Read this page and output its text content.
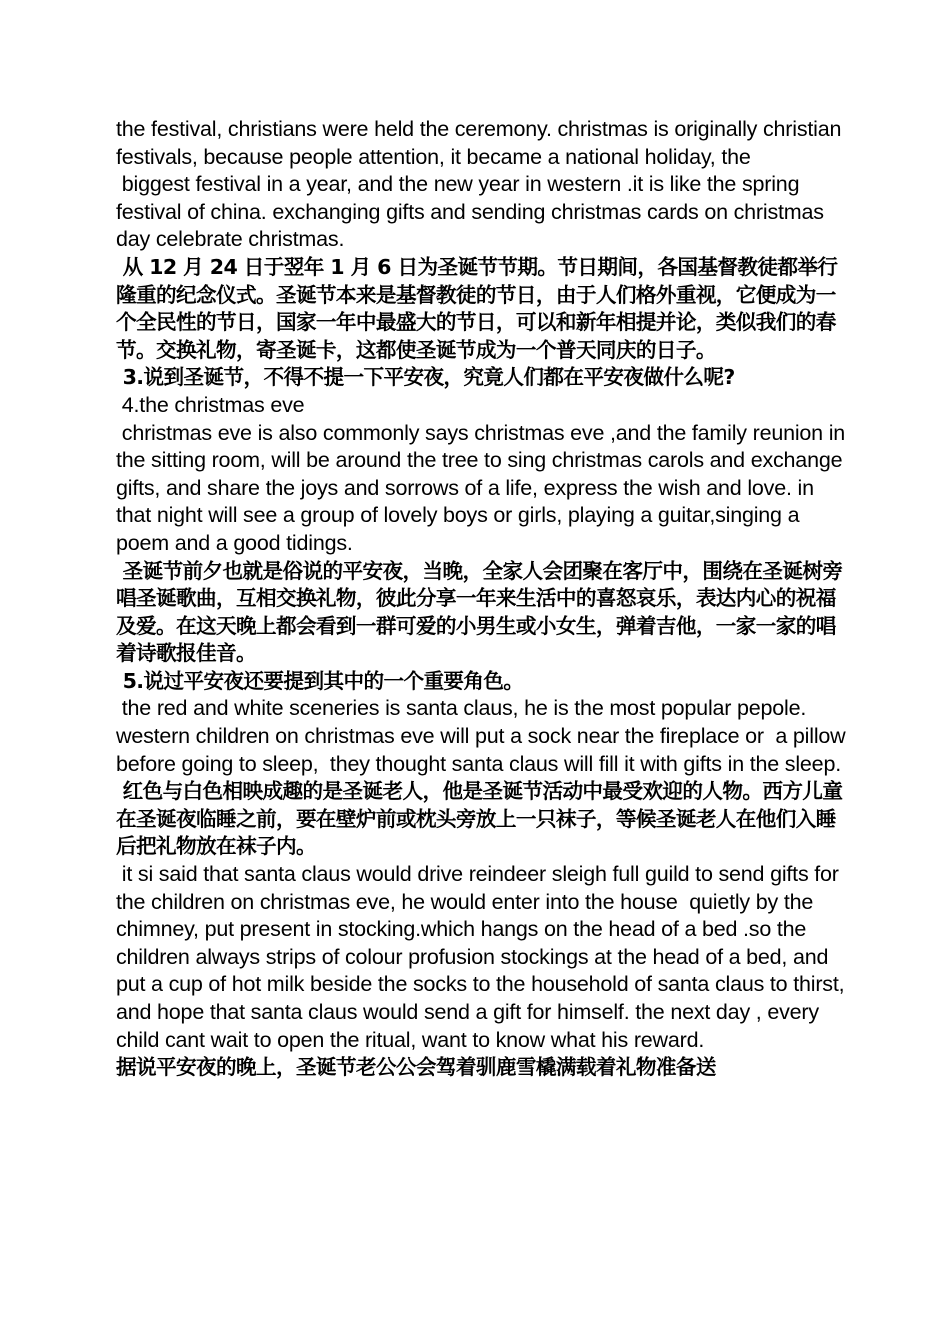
the festival, christians were held the ceremony. christmas is originally christian festivals, because people attention, it became a national holiday, the

biggest festival in a year, and the new year in western .it is like the spring festival of china. exchanging gifts and sending christmas cards on christmas day celebrate christmas.

从 12 月 24 日于翌年 1 月 6 日为圣诞节节期。节日期间，各国基督教徒都举行隆重的纪念仪式。圣诞节本来是基督教徒的节日，由于人们格外重视，它便成为一个全民性的节日，国家一年中最盛大的节日，可以和新年相提并论，类似我们的春节。交换礼物，寄圣诞卡，这都使圣诞节成为一个普天同庆的日子。

3.说到圣诞节，不得不提一下平安夜，究竟人们都在平安夜做什么呢?

4.the christmas eve

christmas eve is also commonly says christmas eve ,and the family reunion in the sitting room, will be around the tree to sing christmas carols and exchange gifts, and share the joys and sorrows of a life, express the wish and love. in that night will see a group of lovely boys or girls, playing a guitar,singing a poem and a good tidings.

圣诞节前夕也就是俗说的平安夜，当晚，全家人会团聚在客厅中，围绕在圣诞树旁唱圣诞歌曲，互相交换礼物，彼此分享一年来生活中的喜怒哀乐，表达内心的祝福及爱。在这天晚上都会看到一群可爱的小男生或小女生，弹着吉他，一家一家的唱着诗歌报佳音。

5.说过平安夜还要提到其中的一个重要角色。

the red and white sceneries is santa claus, he is the most popular pepole. western children on christmas eve will put a sock near the fireplace or  a pillow before going to sleep,  they thought santa claus will fill it with gifts in the sleep.

红色与白色相映成趣的是圣诞老人，他是圣诞节活动中最受欢迎的人物。西方儿童在圣诞夜临睡之前，要在壁炉前或枕头旁放上一只袜子，等候圣诞老人在他们入睡后把礼物放在袜子内。

it si said that santa claus would drive reindeer sleigh full guild to send gifts for the children on christmas eve, he would enter into the house  quietly by the chimney, put present in stocking.which hangs on the head of a bed .so the children always strips of colour profusion stockings at the head of a bed, and put a cup of hot milk beside the socks to the household of santa claus to thirst, and hope that santa claus would send a gift for himself. the next day , every child cant wait to open the ritual, want to know what his reward.

据说平安夜的晚上，圣诞节老公公会驾着驯鹿雪橇满载着礼物准备送
